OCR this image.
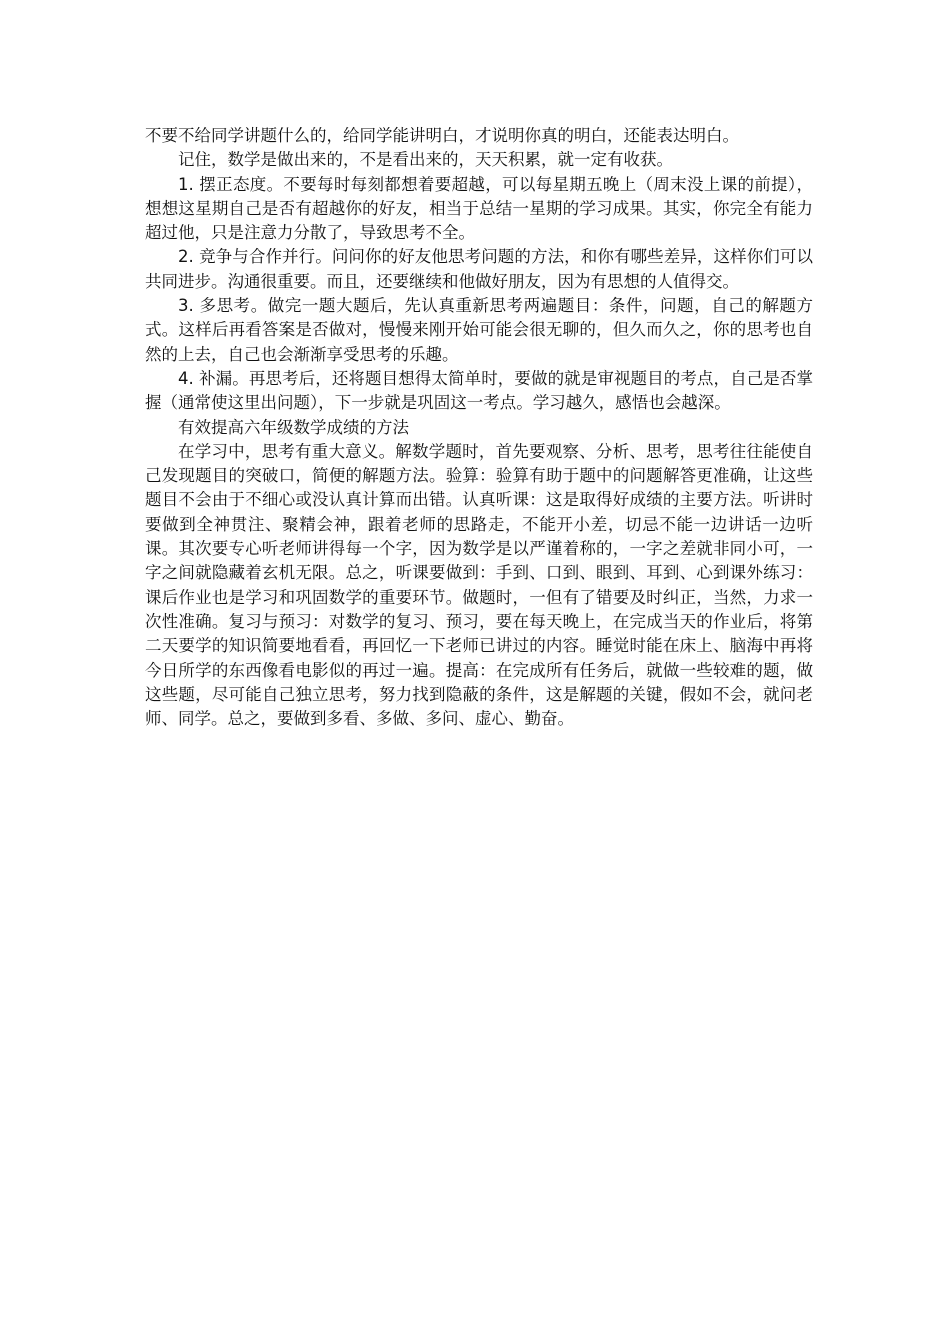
不要不给同学讲题什么的，给同学能讲明白，才说明你真的明白，还能表达明白。

记住，数学是做出来的，不是看出来的，天天积累，就一定有收获。

1. 摆正态度。不要每时每刻都想着要超越，可以每星期五晚上（周末没上课的前提），想想这星期自己是否有超越你的好友，相当于总结一星期的学习成果。其实，你完全有能力超过他，只是注意力分散了，导致思考不全。

2. 竞争与合作并行。问问你的好友他思考问题的方法，和你有哪些差异，这样你们可以共同进步。沟通很重要。而且，还要继续和他做好朋友，因为有思想的人值得交。

3. 多思考。做完一题大题后，先认真重新思考两遍题目：条件，问题，自己的解题方式。这样后再看答案是否做对，慢慢来刚开始可能会很无聊的，但久而久之，你的思考也自然的上去，自己也会渐渐享受思考的乐趣。

4. 补漏。再思考后，还将题目想得太简单时，要做的就是审视题目的考点，自己是否掌握（通常使这里出问题），下一步就是巩固这一考点。学习越久，感悟也会越深。

有效提高六年级数学成绩的方法

在学习中，思考有重大意义。解数学题时，首先要观察、分析、思考，思考往往能使自己发现题目的突破口，简便的解题方法。验算：验算有助于题中的问题解答更准确，让这些题目不会由于不细心或没认真计算而出错。认真听课：这是取得好成绩的主要方法。听讲时要做到全神贯注、聚精会神，跟着老师的思路走，不能开小差，切忌不能一边讲话一边听课。其次要专心听老师讲得每一个字，因为数学是以严谨着称的，一字之差就非同小可，一字之间就隐藏着玄机无限。总之，听课要做到：手到、口到、眼到、耳到、心到课外练习：课后作业也是学习和巩固数学的重要环节。做题时，一但有了错要及时纠正，当然，力求一次性准确。复习与预习：对数学的复习、预习，要在每天晚上，在完成当天的作业后，将第二天要学的知识简要地看看，再回忆一下老师已讲过的内容。睡觉时能在床上、脑海中再将今日所学的东西像看电影似的再过一遍。提高：在完成所有任务后，就做一些较难的题，做这些题，尽可能自己独立思考，努力找到隐蔽的条件，这是解题的关键，假如不会，就问老师、同学。总之，要做到多看、多做、多问、虚心、勤奋。
